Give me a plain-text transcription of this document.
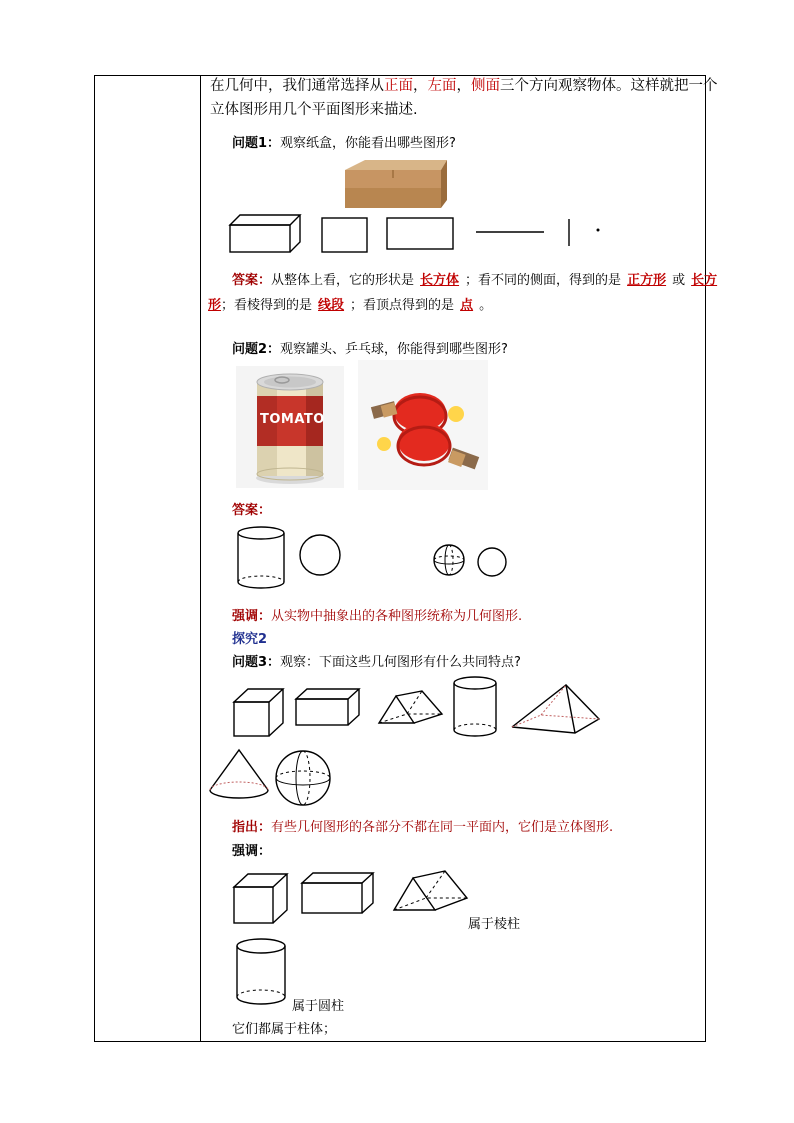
在几何中，我们通常选择从正面，左面，侧面三个方向观察物体。这样就把一个
立体图形用几个平面图形来描述.
问题1：观察纸盒，你能看出哪些图形?
答案：从整体上看，它的形状是 长方体 ；看不同的侧面，得到的是 正方形 或 长方
形；看棱得到的是 线段 ；看顶点得到的是 点 。
问题2：观察罐头、乒乓球，你能得到哪些图形?
TOMATO
答案：
强调：从实物中抽象出的各种图形统称为几何图形.
探究2
问题3：观察：下面这些几何图形有什么共同特点?
指出：有些几何图形的各部分不都在同一平面内，它们是立体图形.
强调：
属于棱柱
属于圆柱
它们都属于柱体；
